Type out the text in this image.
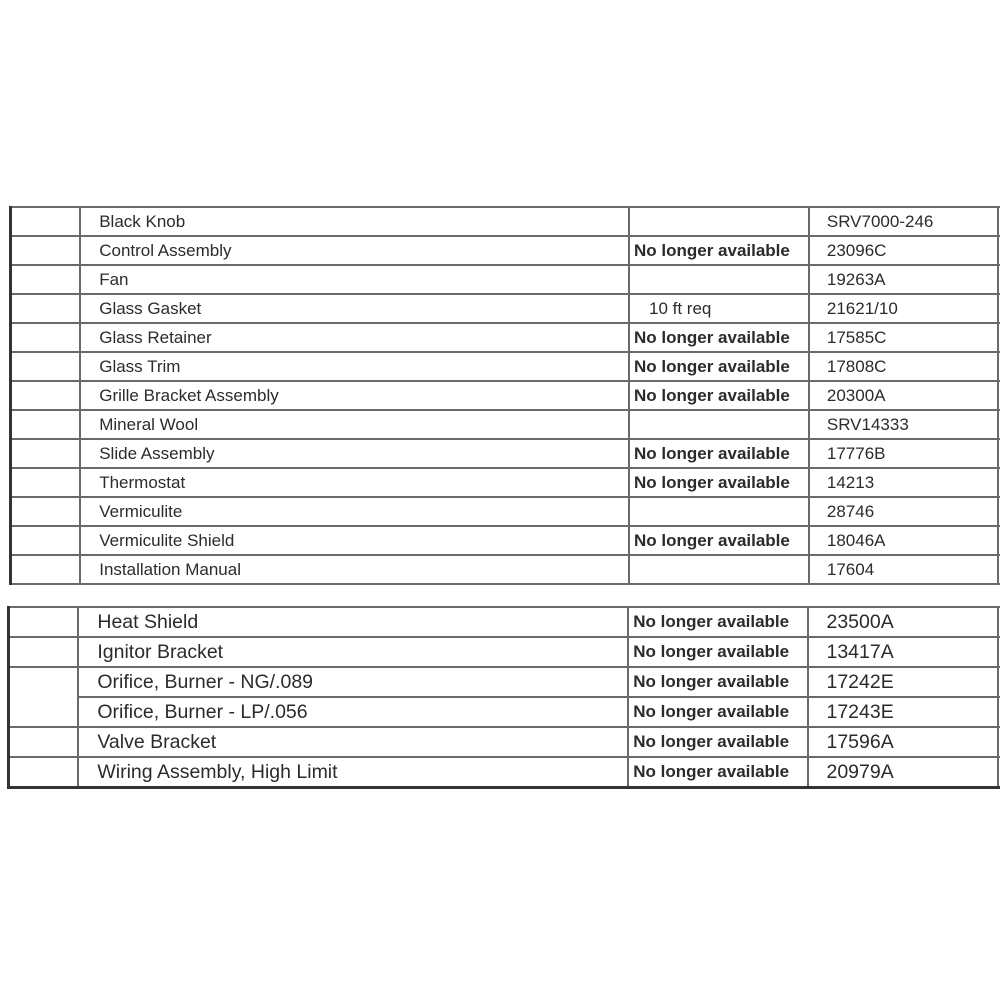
	Black Knob		SRV7000-246	
	Control Assembly	No longer available	23096C	
	Fan		19263A	
	Glass Gasket	10 ft req	21621/10	
	Glass Retainer	No longer available	17585C	
	Glass Trim	No longer available	17808C	
	Grille Bracket Assembly	No longer available	20300A	
	Mineral Wool		SRV14333	
	Slide Assembly	No longer available	17776B	
	Thermostat	No longer available	14213	
	Vermiculite		28746	
	Vermiculite Shield	No longer available	18046A	
	Installation Manual		17604	
	Heat Shield	No longer available	23500A	
	Ignitor Bracket	No longer available	13417A	
	Orifice, Burner - NG/.089	No longer available	17242E	
	Orifice, Burner - LP/.056	No longer available	17243E	
	Valve Bracket	No longer available	17596A	
	Wiring Assembly, High Limit	No longer available	20979A	
